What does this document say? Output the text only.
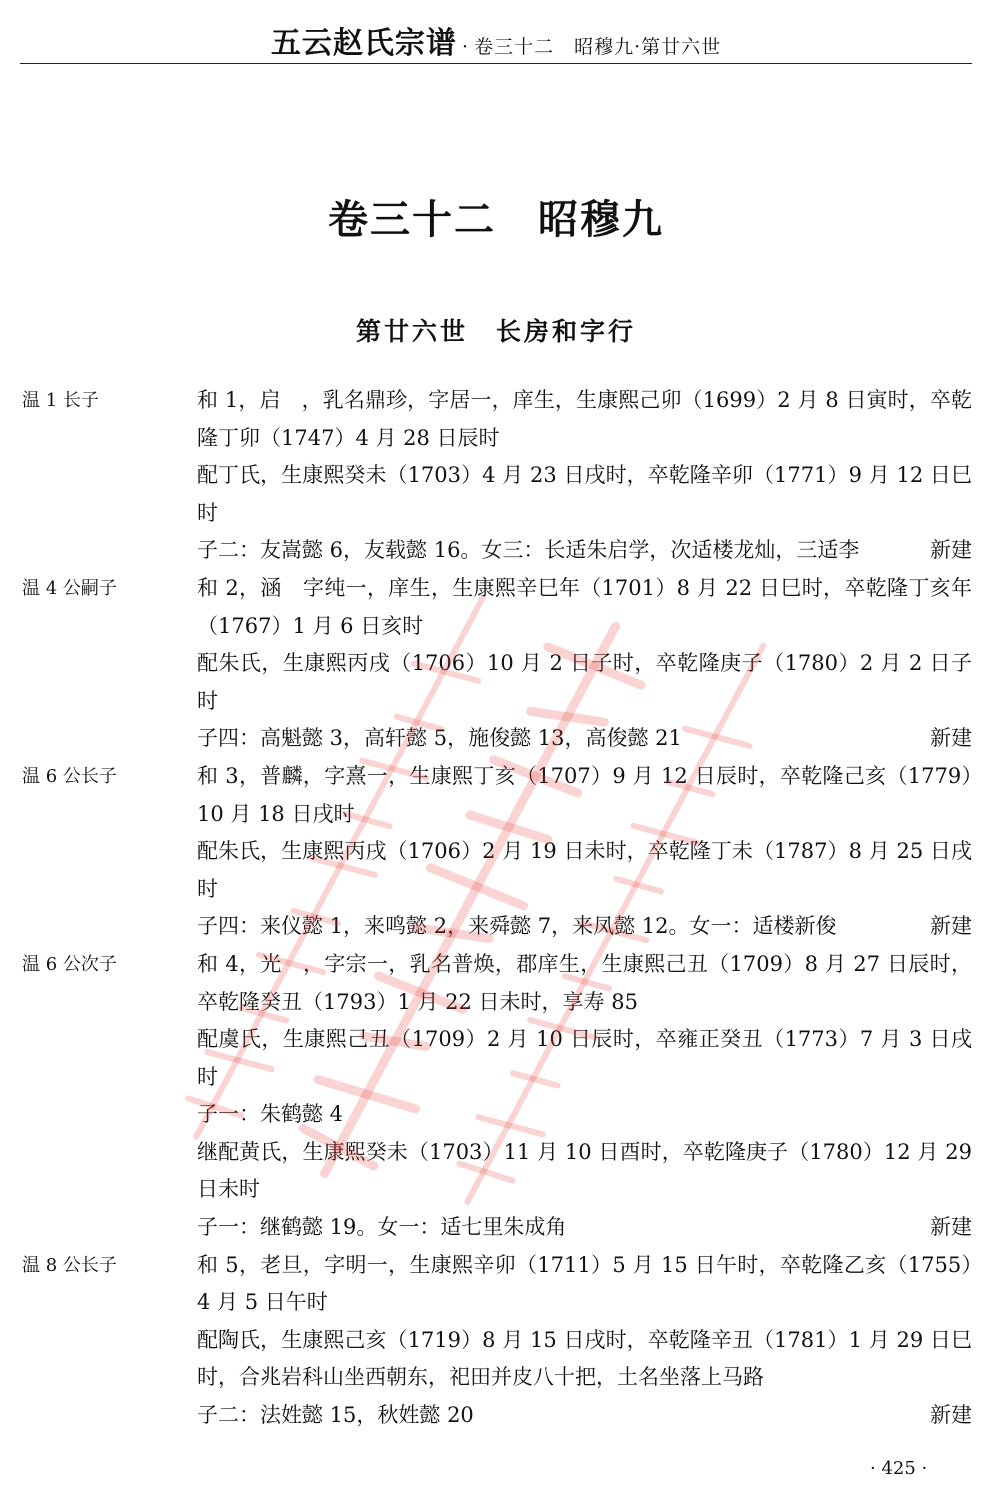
五云赵氏宗谱 · 卷三十二　昭穆九·第廿六世
卷三十二　昭穆九
第廿六世　长房和字行
温 1 长子	和 1，启　，乳名鼎珍，字居一，庠生，生康熙己卯（1699）2 月 8 日寅时，卒乾隆丁卯（1747）4 月 28 日辰时
配丁氏，生康熙癸未（1703）4 月 23 日戌时，卒乾隆辛卯（1771）9 月 12 日巳时
子二：友嵩懿 6，友载懿 16。女三：长适朱启学，次适楼龙灿，三适李	新建
温 4 公嗣子	和 2，涵　字纯一，庠生，生康熙辛巳年（1701）8 月 22 日巳时，卒乾隆丁亥年（1767）1 月 6 日亥时
配朱氏，生康熙丙戌（1706）10 月 2 日子时，卒乾隆庚子（1780）2 月 2 日子时
子四：高魁懿 3，高轩懿 5，施俊懿 13，高俊懿 21	新建
温 6 公长子	和 3，普麟，字熹一，生康熙丁亥（1707）9 月 12 日辰时，卒乾隆己亥（1779）10 月 18 日戌时
配朱氏，生康熙丙戌（1706）2 月 19 日未时，卒乾隆丁未（1787）8 月 25 日戌时
子四：来仪懿 1，来鸣懿 2，来舜懿 7，来凤懿 12。女一：适楼新俊	新建
温 6 公次子	和 4，光　，字宗一，乳名普焕，郡庠生，生康熙己丑（1709）8 月 27 日辰时，卒乾隆癸丑（1793）1 月 22 日未时，享寿 85
配虞氏，生康熙己丑（1709）2 月 10 日辰时，卒雍正癸丑（1773）7 月 3 日戌时
子一：朱鹤懿 4
继配黄氏，生康熙癸未（1703）11 月 10 日酉时，卒乾隆庚子（1780）12 月 29 日未时
子一：继鹤懿 19。女一：适七里朱成角	新建
温 8 公长子	和 5，老旦，字明一，生康熙辛卯（1711）5 月 15 日午时，卒乾隆乙亥（1755）4 月 5 日午时
配陶氏，生康熙己亥（1719）8 月 15 日戌时，卒乾隆辛丑（1781）1 月 29 日巳时，合兆岩科山坐西朝东，祀田并皮八十把，土名坐落上马路
子二：法姓懿 15，秋姓懿 20	新建
· 425 ·
